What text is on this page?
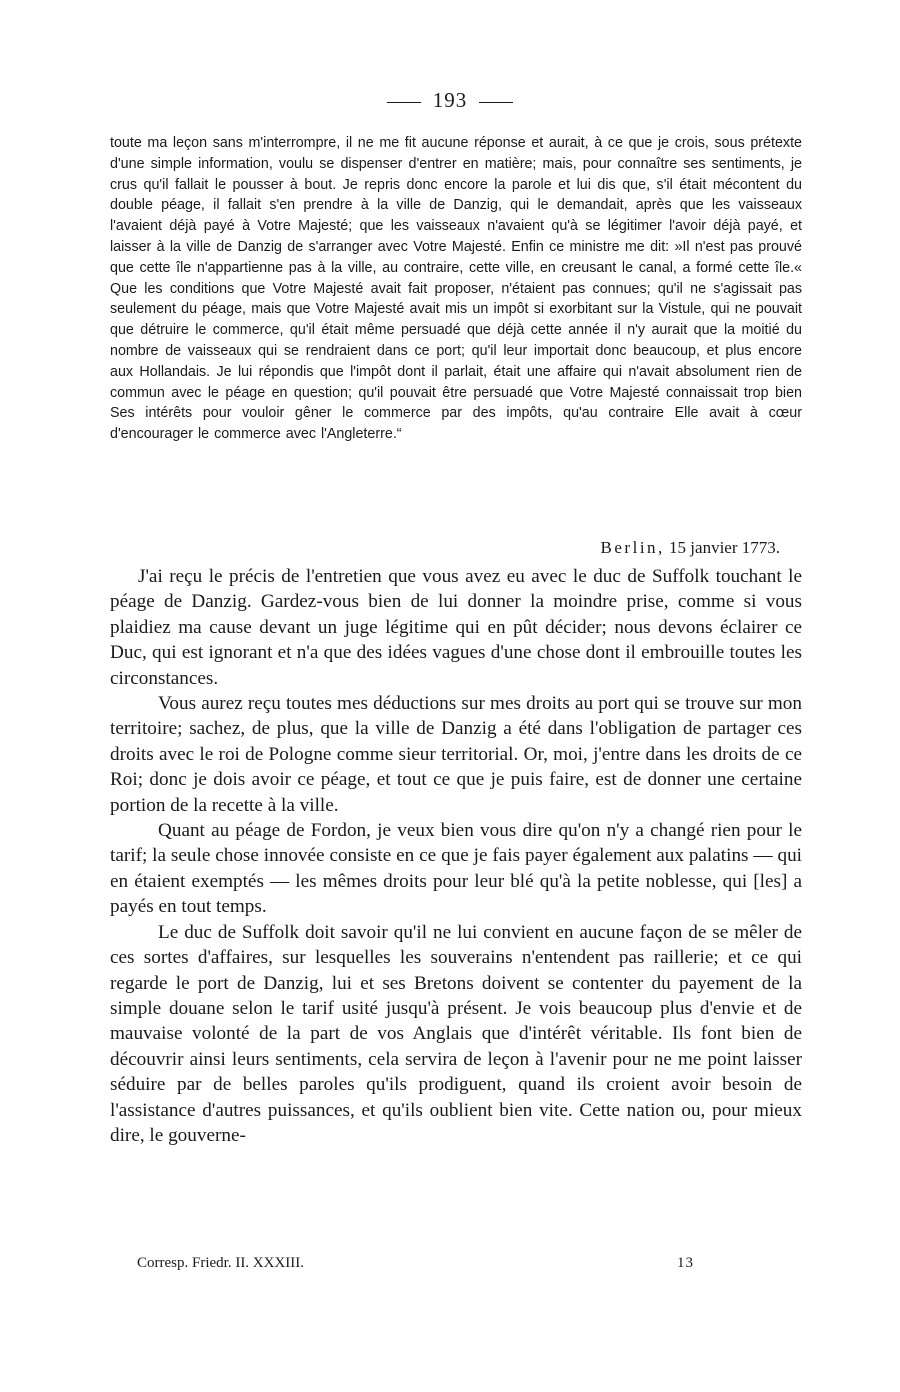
193

toute ma leçon sans m'interrompre, il ne me fit aucune réponse et aurait, à ce que je crois, sous prétexte d'une simple information, voulu se dispenser d'entrer en matière; mais, pour connaître ses sentiments, je crus qu'il fallait le pousser à bout. Je repris donc encore la parole et lui dis que, s'il était mécontent du double péage, il fallait s'en prendre à la ville de Danzig, qui le demandait, après que les vaisseaux l'avaient déjà payé à Votre Majesté; que les vaisseaux n'avaient qu'à se légitimer l'avoir déjà payé, et laisser à la ville de Danzig de s'arranger avec Votre Majesté. Enfin ce ministre me dit: »Il n'est pas prouvé que cette île n'appartienne pas à la ville, au contraire, cette ville, en creusant le canal, a formé cette île.« Que les conditions que Votre Majesté avait fait proposer, n'étaient pas connues; qu'il ne s'agissait pas seulement du péage, mais que Votre Majesté avait mis un impôt si exorbitant sur la Vistule, qui ne pouvait que détruire le commerce, qu'il était même persuadé que déjà cette année il n'y aurait que la moitié du nombre de vaisseaux qui se rendraient dans ce port; qu'il leur importait donc beaucoup, et plus encore aux Hollandais. Je lui répondis que l'impôt dont il parlait, était une affaire qui n'avait absolument rien de commun avec le péage en question; qu'il pouvait être persuadé que Votre Majesté connaissait trop bien Ses intérêts pour vouloir gêner le commerce par des impôts, qu'au contraire Elle avait à cœur d'encourager le commerce avec l'Angleterre.“

Berlin, 15 janvier 1773.

J'ai reçu le précis de l'entretien que vous avez eu avec le duc de Suffolk touchant le péage de Danzig. Gardez-vous bien de lui donner la moindre prise, comme si vous plaidiez ma cause devant un juge légitime qui en pût décider; nous devons éclairer ce Duc, qui est ignorant et n'a que des idées vagues d'une chose dont il embrouille toutes les circonstances.

Vous aurez reçu toutes mes déductions sur mes droits au port qui se trouve sur mon territoire; sachez, de plus, que la ville de Danzig a été dans l'obligation de partager ces droits avec le roi de Pologne comme sieur territorial. Or, moi, j'entre dans les droits de ce Roi; donc je dois avoir ce péage, et tout ce que je puis faire, est de donner une certaine portion de la recette à la ville.

Quant au péage de Fordon, je veux bien vous dire qu'on n'y a changé rien pour le tarif; la seule chose innovée consiste en ce que je fais payer également aux palatins — qui en étaient exemptés — les mêmes droits pour leur blé qu'à la petite noblesse, qui [les] a payés en tout temps.

Le duc de Suffolk doit savoir qu'il ne lui convient en aucune façon de se mêler de ces sortes d'affaires, sur lesquelles les souverains n'entendent pas raillerie; et ce qui regarde le port de Danzig, lui et ses Bretons doivent se contenter du payement de la simple douane selon le tarif usité jusqu'à présent. Je vois beaucoup plus d'envie et de mauvaise volonté de la part de vos Anglais que d'intérêt véritable. Ils font bien de découvrir ainsi leurs sentiments, cela servira de leçon à l'avenir pour ne me point laisser séduire par de belles paroles qu'ils prodiguent, quand ils croient avoir besoin de l'assistance d'autres puissances, et qu'ils oublient bien vite. Cette nation ou, pour mieux dire, le gouverne-

Corresp. Friedr. II. XXXIII.	13
